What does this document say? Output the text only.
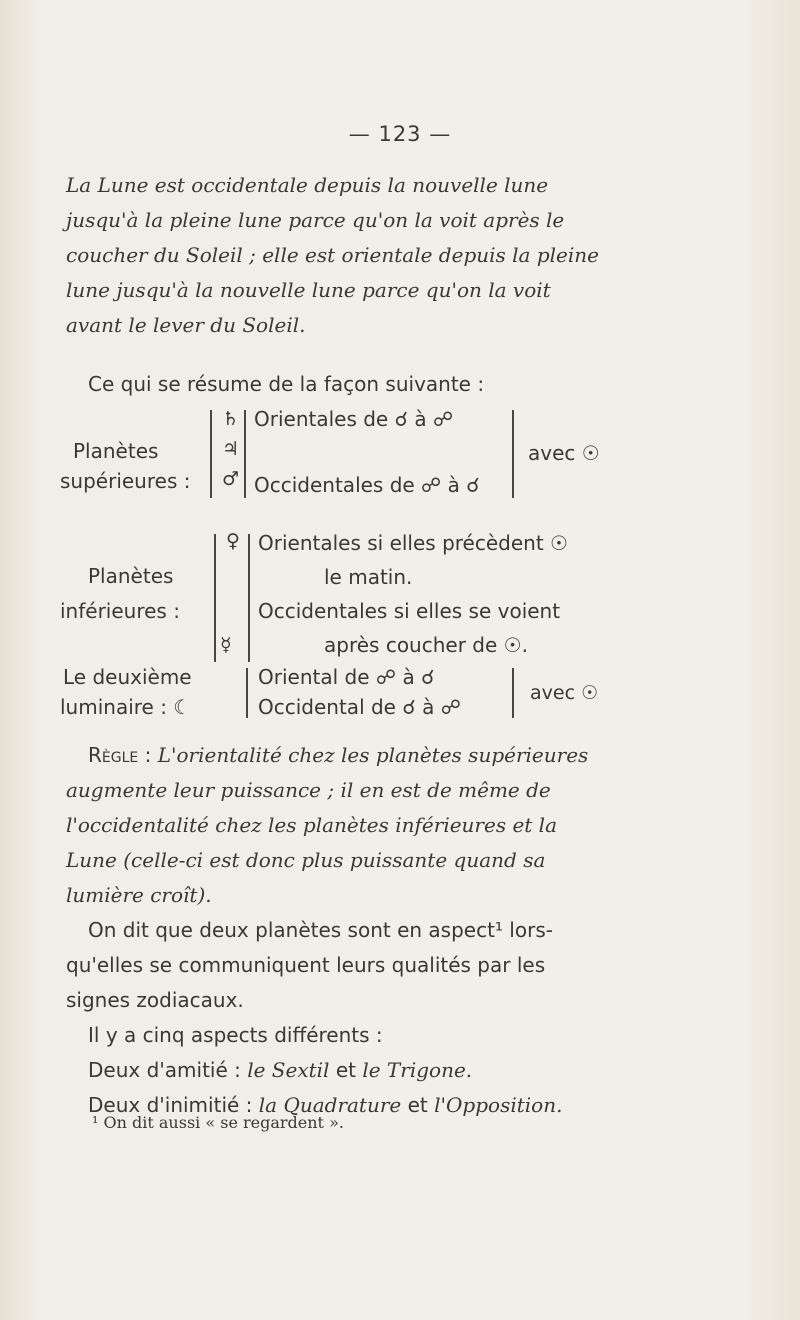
— 123 —
La Lune est occidentale depuis la nouvelle lune
jusqu'à la pleine lune parce qu'on la voit après le
coucher du Soleil ; elle est orientale depuis la pleine
lune jusqu'à la nouvelle lune parce qu'on la voit
avant le lever du Soleil.
Ce qui se résume de la façon suivante :
Planètes
supérieures :
♄
♃
♂
Orientales de ☌ à ☍
Occidentales de ☍ à ☌
avec ☉
Planètes
inférieures :
♀
☿
Orientales si elles précèdent ☉
le matin.
Occidentales si elles se voient
après coucher de ☉.
Le deuxième
luminaire : ☾
Oriental de ☍ à ☌
Occidental de ☌ à ☍
avec ☉
Règle : L'orientalité chez les planètes supérieures
augmente leur puissance ; il en est de même de
l'occidentalité chez les planètes inférieures et la
Lune (celle-ci est donc plus puissante quand sa
lumière croît).
On dit que deux planètes sont en aspect¹ lors-
qu'elles se communiquent leurs qualités par les
signes zodiacaux.
Il y a cinq aspects différents :
Deux d'amitié : le Sextil et le Trigone.
Deux d'inimitié : la Quadrature et l'Opposition.
¹ On dit aussi « se regardent ».
